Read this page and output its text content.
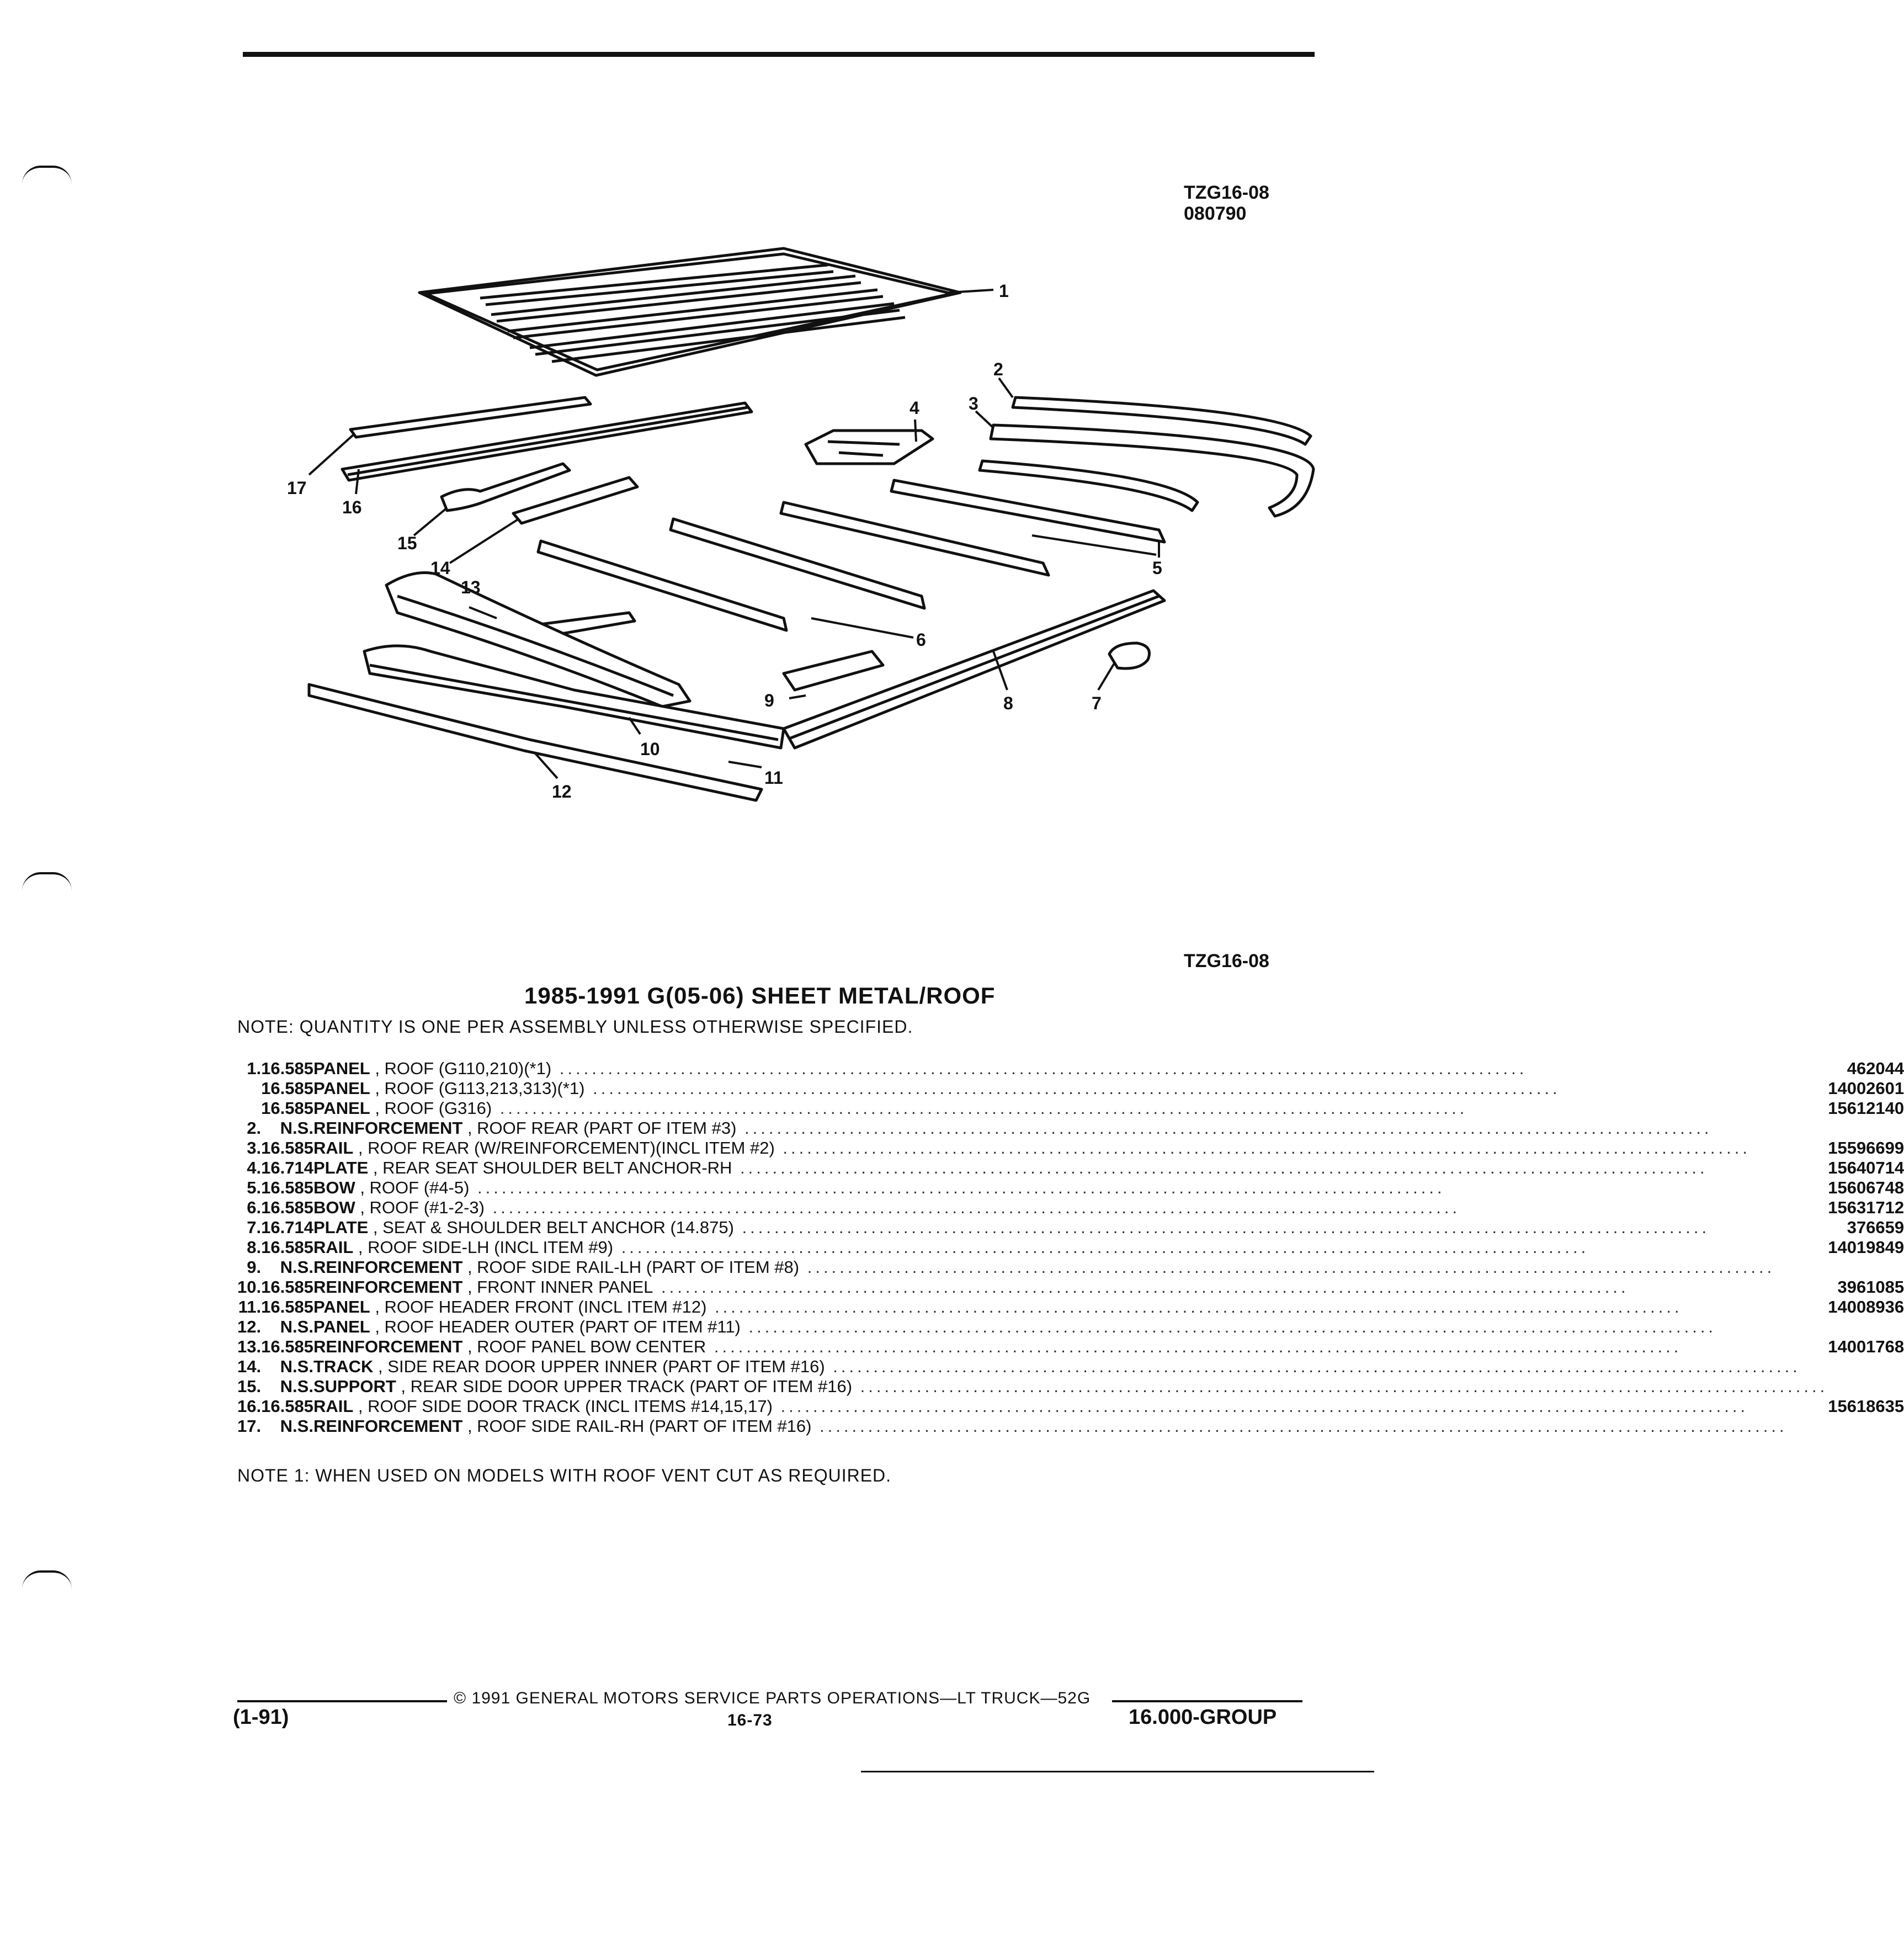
TZG16-08
080790
1
2
3
4
5
6
7
8
9
10
11
12
13
14
15
16
17
TZG16-08
1985-1991 G(05-06) SHEET METAL/ROOF
NOTE: QUANTITY IS ONE PER ASSEMBLY UNLESS OTHERWISE SPECIFIED.
1.	16.585	PANEL , ROOF (G110,210)(*1) ........................................................................................................................	462044
	16.585	PANEL , ROOF (G113,213,313)(*1) ........................................................................................................................	14002601
	16.585	PANEL , ROOF (G316) ........................................................................................................................	15612140
2.	N.S.	REINFORCEMENT , ROOF REAR (PART OF ITEM #3) ........................................................................................................................	
3.	16.585	RAIL , ROOF REAR (W/REINFORCEMENT)(INCL ITEM #2) ........................................................................................................................	15596699
4.	16.714	PLATE , REAR SEAT SHOULDER BELT ANCHOR-RH ........................................................................................................................	15640714
5.	16.585	BOW , ROOF (#4-5) ........................................................................................................................	15606748
6.	16.585	BOW , ROOF (#1-2-3) ........................................................................................................................	15631712
7.	16.714	PLATE , SEAT & SHOULDER BELT ANCHOR (14.875) ........................................................................................................................	376659
8.	16.585	RAIL , ROOF SIDE-LH (INCL ITEM #9) ........................................................................................................................	14019849
9.	N.S.	REINFORCEMENT , ROOF SIDE RAIL-LH (PART OF ITEM #8) ........................................................................................................................	
10.	16.585	REINFORCEMENT , FRONT INNER PANEL ........................................................................................................................	3961085
11.	16.585	PANEL , ROOF HEADER FRONT (INCL ITEM #12) ........................................................................................................................	14008936
12.	N.S.	PANEL , ROOF HEADER OUTER (PART OF ITEM #11) ........................................................................................................................	
13.	16.585	REINFORCEMENT , ROOF PANEL BOW CENTER ........................................................................................................................	14001768
14.	N.S.	TRACK , SIDE REAR DOOR UPPER INNER (PART OF ITEM #16) ........................................................................................................................	
15.	N.S.	SUPPORT , REAR SIDE DOOR UPPER TRACK (PART OF ITEM #16) ........................................................................................................................	
16.	16.585	RAIL , ROOF SIDE DOOR TRACK (INCL ITEMS #14,15,17) ........................................................................................................................	15618635
17.	N.S.	REINFORCEMENT , ROOF SIDE RAIL-RH (PART OF ITEM #16) ........................................................................................................................	
NOTE 1: WHEN USED ON MODELS WITH ROOF VENT CUT AS REQUIRED.
© 1991 GENERAL MOTORS SERVICE PARTS OPERATIONS—LT TRUCK—52G
(1-91)	16-73	16.000-GROUP
